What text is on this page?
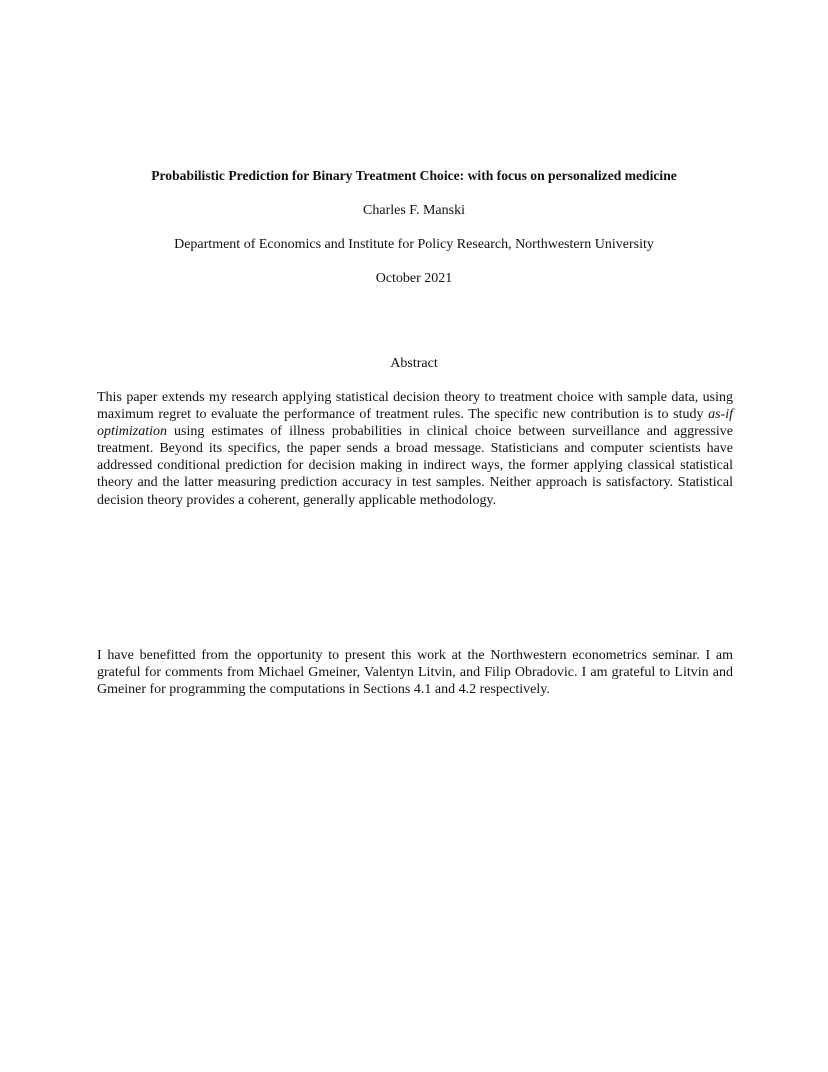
Probabilistic Prediction for Binary Treatment Choice: with focus on personalized medicine
Charles F. Manski
Department of Economics and Institute for Policy Research, Northwestern University
October 2021
Abstract

This paper extends my research applying statistical decision theory to treatment choice with sample data, using maximum regret to evaluate the performance of treatment rules. The specific new contribution is to study as-if optimization using estimates of illness probabilities in clinical choice between surveillance and aggressive treatment. Beyond its specifics, the paper sends a broad message. Statisticians and computer scientists have addressed conditional prediction for decision making in indirect ways, the former applying classical statistical theory and the latter measuring prediction accuracy in test samples. Neither approach is satisfactory. Statistical decision theory provides a coherent, generally applicable methodology.

I have benefitted from the opportunity to present this work at the Northwestern econometrics seminar. I am grateful for comments from Michael Gmeiner, Valentyn Litvin, and Filip Obradovic. I am grateful to Litvin and Gmeiner for programming the computations in Sections 4.1 and 4.2 respectively.
